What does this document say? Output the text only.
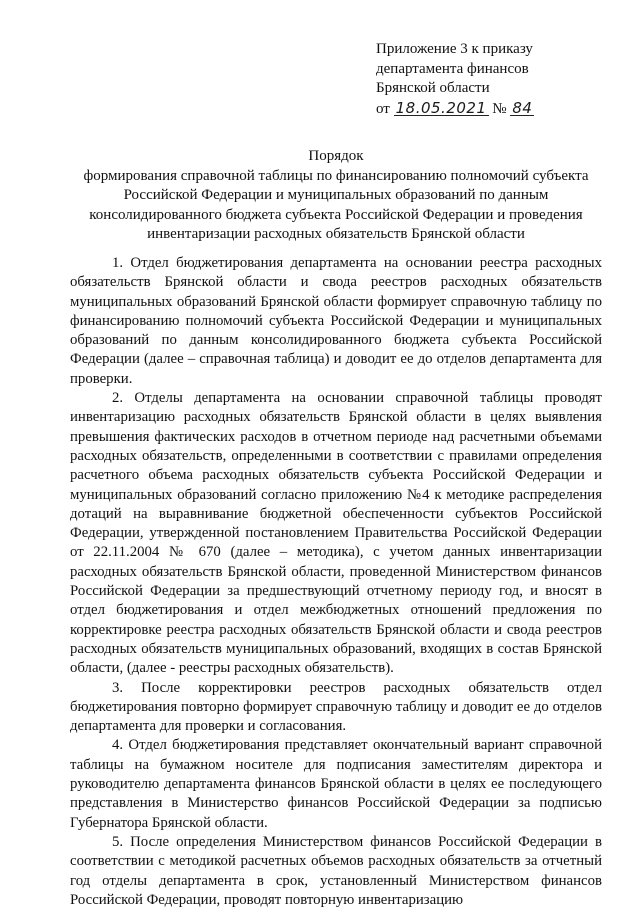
Приложение 3 к приказу
департамента финансов
Брянской области
от 18.05.2021 № 84
Порядок
формирования справочной таблицы по финансированию полномочий субъекта
Российской Федерации и муниципальных образований по данным
консолидированного бюджета субъекта Российской Федерации и проведения
инвентаризации расходных обязательств Брянской области

1. Отдел бюджетирования департамента на основании реестра расходных обязательств Брянской области и свода реестров расходных обязательств муниципальных образований Брянской области формирует справочную таблицу по финансированию полномочий субъекта Российской Федерации и муниципальных образований по данным консолидированного бюджета субъекта Российской Федерации (далее – справочная таблица) и доводит ее до отделов департамента для проверки.

2. Отделы департамента на основании справочной таблицы проводят инвентаризацию расходных обязательств Брянской области в целях выявления превышения фактических расходов в отчетном периоде над расчетными объемами расходных обязательств, определенными в соответствии с правилами определения расчетного объема расходных обязательств субъекта Российской Федерации и муниципальных образований согласно приложению №4 к методике распределения дотаций на выравнивание бюджетной обеспеченности субъектов Российской Федерации, утвержденной постановлением Правительства Российской Федерации от 22.11.2004 № 670 (далее – методика), с учетом данных инвентаризации расходных обязательств Брянской области, проведенной Министерством финансов Российской Федерации за предшествующий отчетному периоду год, и вносят в отдел бюджетирования и отдел межбюджетных отношений предложения по корректировке реестра расходных обязательств Брянской области и свода реестров расходных обязательств муниципальных образований, входящих в состав Брянской области, (далее - реестры расходных обязательств).

3. После корректировки реестров расходных обязательств отдел бюджетирования повторно формирует справочную таблицу и доводит ее до отделов департамента для проверки и согласования.

4. Отдел бюджетирования представляет окончательный вариант справочной таблицы на бумажном носителе для подписания заместителям директора и руководителю департамента финансов Брянской области в целях ее последующего представления в Министерство финансов Российской Федерации за подписью Губернатора Брянской области.

5. После определения Министерством финансов Российской Федерации в соответствии с методикой расчетных объемов расходных обязательств за отчетный год отделы департамента в срок, установленный Министерством финансов Российской Федерации, проводят повторную инвентаризацию
